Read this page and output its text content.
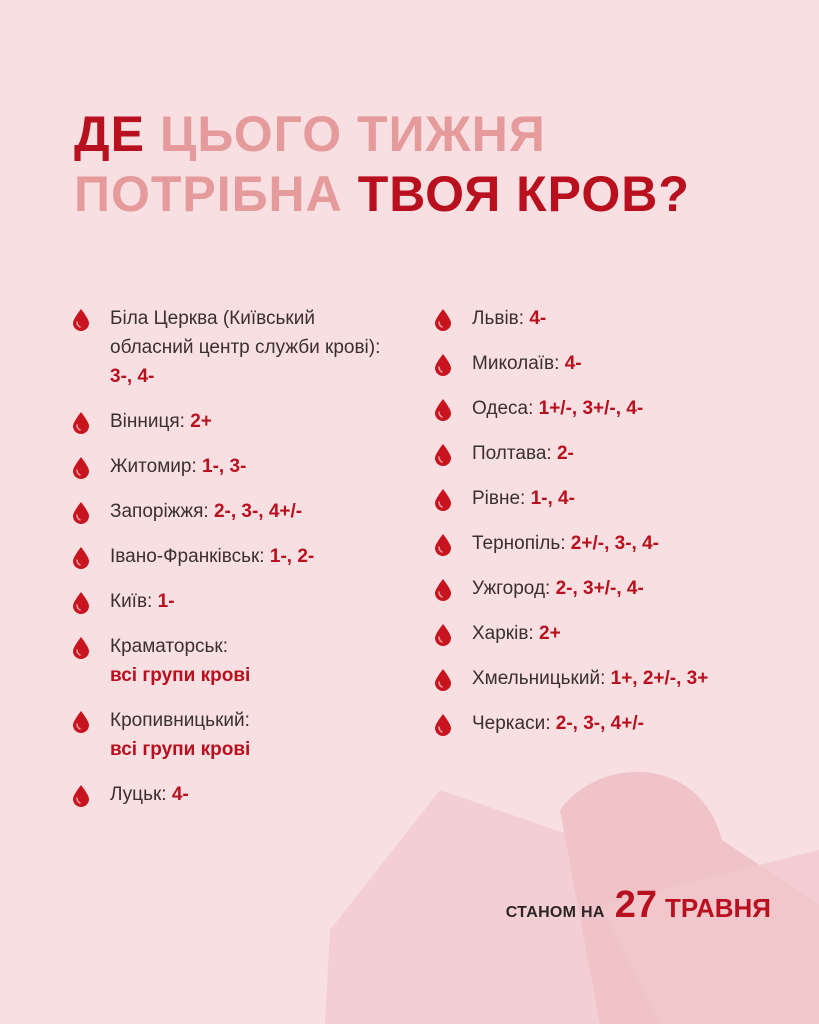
ДЕ ЦЬОГО ТИЖНЯ
ПОТРІБНА ТВОЯ КРОВ?
Біла Церква (Київський обласний центр служби крові): 3-, 4-
Вінниця: 2+
Житомир: 1-, 3-
Запоріжжя: 2-, 3-, 4+/-
Івано-Франківськ: 1-, 2-
Київ: 1-
Краматорськ:
всі групи крові
Кропивницький:
всі групи крові
Луцьк: 4-
Львів: 4-
Миколаїв: 4-
Одеса: 1+/-, 3+/-, 4-
Полтава: 2-
Рівне: 1-, 4-
Тернопіль: 2+/-, 3-, 4-
Ужгород: 2-, 3+/-, 4-
Харків: 2+
Хмельницький: 1+, 2+/-, 3+
Черкаси: 2-, 3-, 4+/-
СТАНОМ НА 27 ТРАВНЯ
